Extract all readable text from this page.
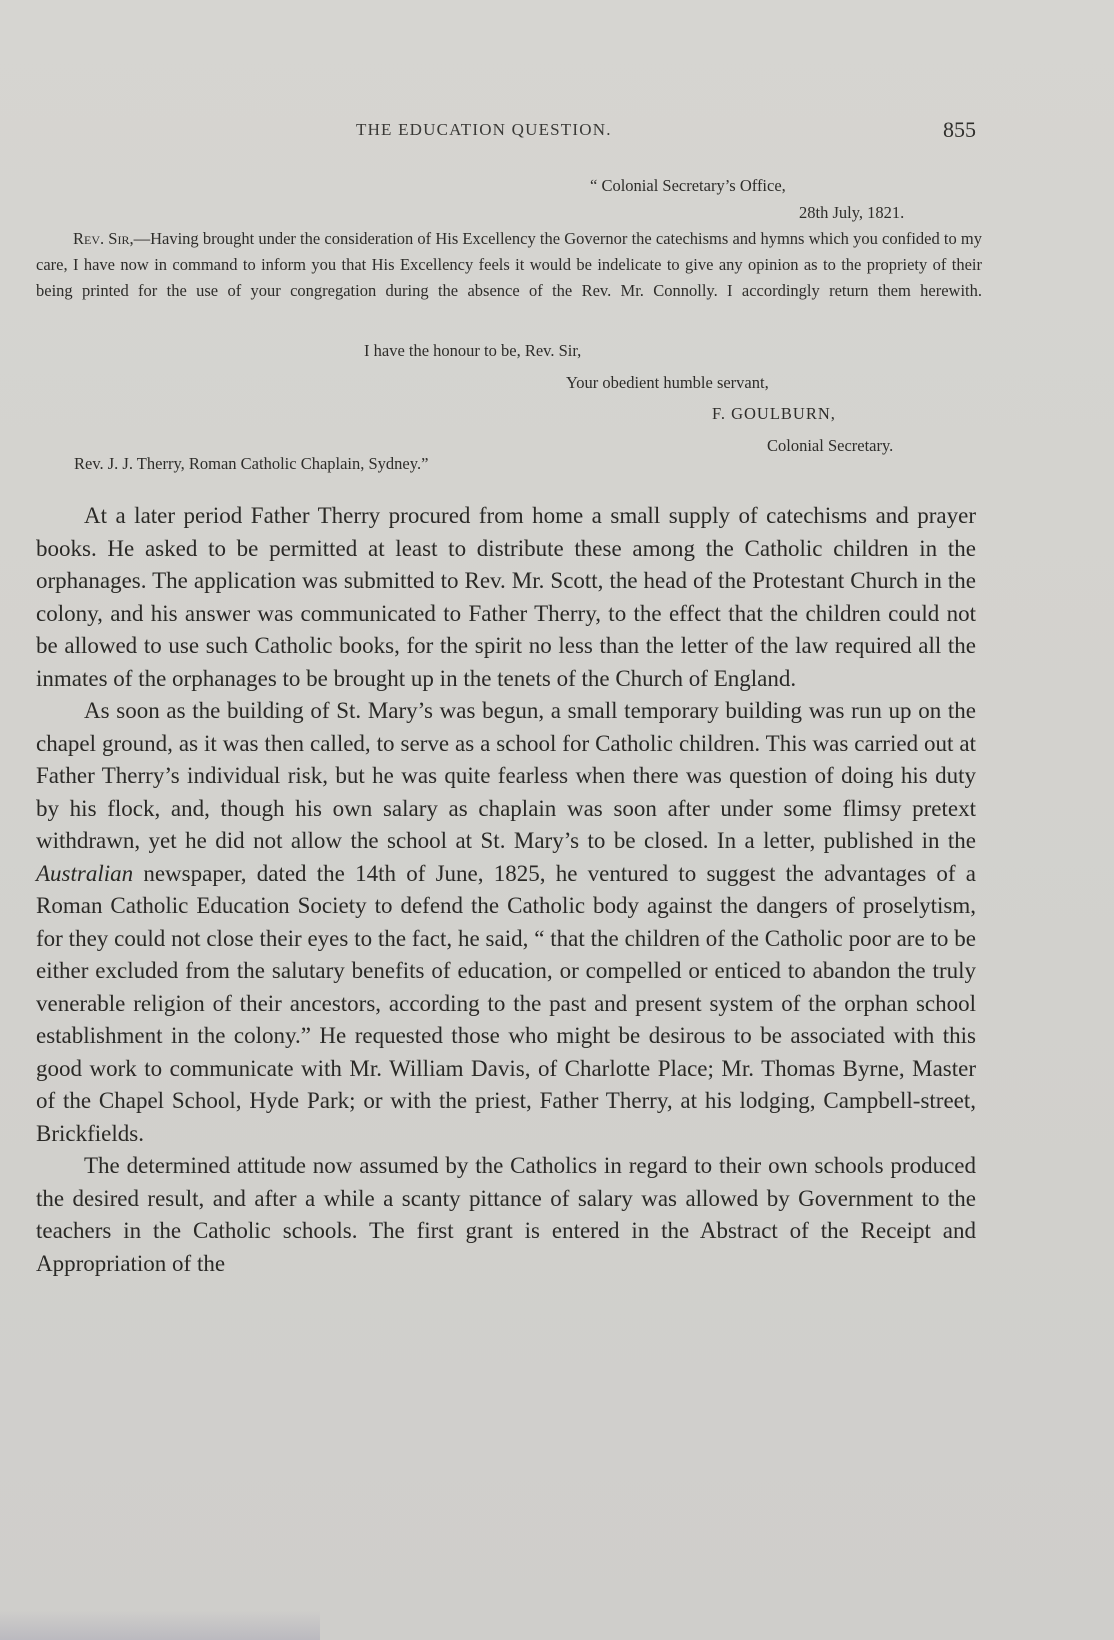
THE EDUCATION QUESTION.	855
“ Colonial Secretary’s Office,
28th July, 1821.

Rev. Sir,—Having brought under the consideration of His Excellency the Governor the catechisms and hymns which you confided to my care, I have now in command to inform you that His Excellency feels it would be indelicate to give any opinion as to the propriety of their being printed for the use of your congregation during the absence of the Rev. Mr. Connolly. I accordingly return them herewith.

I have the honour to be, Rev. Sir,
Your obedient humble servant,
F. GOULBURN,
Colonial Secretary.
Rev. J. J. Therry, Roman Catholic Chaplain, Sydney.”

At a later period Father Therry procured from home a small supply of catechisms and prayer books. He asked to be permitted at least to distribute these among the Catholic children in the orphanages. The application was submitted to Rev. Mr. Scott, the head of the Protestant Church in the colony, and his answer was communicated to Father Therry, to the effect that the children could not be allowed to use such Catholic books, for the spirit no less than the letter of the law required all the inmates of the orphanages to be brought up in the tenets of the Church of England.

As soon as the building of St. Mary’s was begun, a small temporary building was run up on the chapel ground, as it was then called, to serve as a school for Catholic children. This was carried out at Father Therry’s individual risk, but he was quite fearless when there was question of doing his duty by his flock, and, though his own salary as chaplain was soon after under some flimsy pretext withdrawn, yet he did not allow the school at St. Mary’s to be closed. In a letter, published in the Australian newspaper, dated the 14th of June, 1825, he ventured to suggest the advantages of a Roman Catholic Education Society to defend the Catholic body against the dangers of proselytism, for they could not close their eyes to the fact, he said, “ that the children of the Catholic poor are to be either excluded from the salutary benefits of education, or compelled or enticed to abandon the truly venerable religion of their ancestors, according to the past and present system of the orphan school establishment in the colony.” He requested those who might be desirous to be associated with this good work to communicate with Mr. William Davis, of Charlotte Place; Mr. Thomas Byrne, Master of the Chapel School, Hyde Park; or with the priest, Father Therry, at his lodging, Campbell-street, Brickfields.

The determined attitude now assumed by the Catholics in regard to their own schools produced the desired result, and after a while a scanty pittance of salary was allowed by Government to the teachers in the Catholic schools. The first grant is entered in the Abstract of the Receipt and Appropriation of the
